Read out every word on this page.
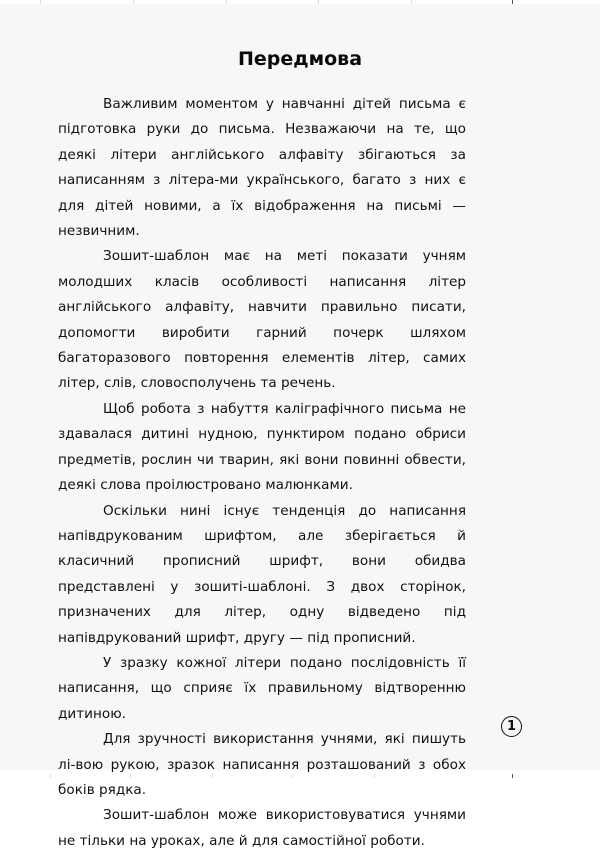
Передмова

Важливим моментом у навчанні дітей письма є підготовка руки до письма. Незважаючи на те, що деякі літери англійського алфавіту збігаються за написанням з літера-ми українського, багато з них є для дітей новими, а їх відображення на письмі — незвичним.

Зошит-шаблон має на меті показати учням молодших класів особливості написання літер англійського алфавіту, навчити правильно писати, допомогти виробити гарний почерк шляхом багаторазового повторення елементів літер, самих літер, слів, словосполучень та речень.

Щоб робота з набуття каліграфічного письма не здавалася дитині нудною, пунктиром подано обриси предметів, рослин чи тварин, які вони повинні обвести, деякі слова проілюстровано малюнками.

Оскільки нині існує тенденція до написання напівдрукованим шрифтом, але зберігається й класичний прописний шрифт, вони обидва представлені у зошиті-шаблоні. З двох сторінок, призначених для літер, одну відведено під напівдрукований шрифт, другу — під прописний.

У зразку кожної літери подано послідовність її написання, що сприяє їх правильному відтворенню дитиною.

Для зручності використання учнями, які пишуть лі-вою рукою, зразок написання розташований з обох боків рядка.

Зошит-шаблон може використовуватися учнями не тільки на уроках, але й для самостійної роботи.

1
